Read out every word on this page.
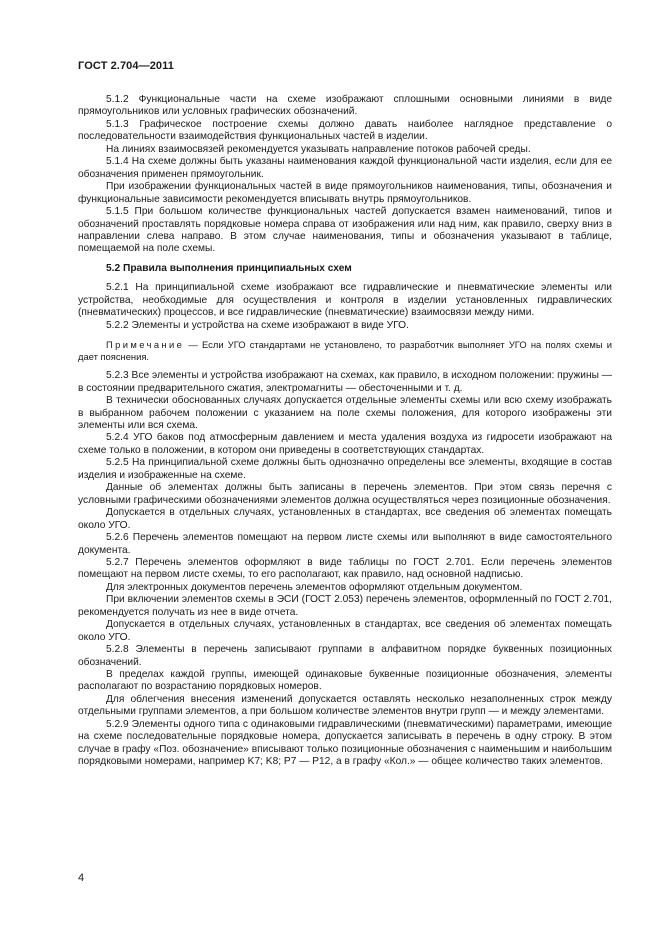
ГОСТ 2.704—2011

5.1.2 Функциональные части на схеме изображают сплошными основными линиями в виде прямоугольников или условных графических обозначений.

5.1.3 Графическое построение схемы должно давать наиболее наглядное представление о последовательности взаимодействия функциональных частей в изделии.

На линиях взаимосвязей рекомендуется указывать направление потоков рабочей среды.

5.1.4 На схеме должны быть указаны наименования каждой функциональной части изделия, если для ее обозначения применен прямоугольник.

При изображении функциональных частей в виде прямоугольников наименования, типы, обозначения и функциональные зависимости рекомендуется вписывать внутрь прямоугольников.

5.1.5 При большом количестве функциональных частей допускается взамен наименований, типов и обозначений проставлять порядковые номера справа от изображения или над ним, как правило, сверху вниз в направлении слева направо. В этом случае наименования, типы и обозначения указывают в таблице, помещаемой на поле схемы.

5.2 Правила выполнения принципиальных схем

5.2.1 На принципиальной схеме изображают все гидравлические и пневматические элементы или устройства, необходимые для осуществления и контроля в изделии установленных гидравлических (пневматических) процессов, и все гидравлические (пневматические) взаимосвязи между ними.

5.2.2 Элементы и устройства на схеме изображают в виде УГО.

Примечание — Если УГО стандартами не установлено, то разработчик выполняет УГО на полях схемы и дает пояснения.

5.2.3 Все элементы и устройства изображают на схемах, как правило, в исходном положении: пружины — в состоянии предварительного сжатия, электромагниты — обесточенными и т. д.

В технически обоснованных случаях допускается отдельные элементы схемы или всю схему изображать в выбранном рабочем положении с указанием на поле схемы положения, для которого изображены эти элементы или вся схема.

5.2.4 УГО баков под атмосферным давлением и места удаления воздуха из гидросети изображают на схеме только в положении, в котором они приведены в соответствующих стандартах.

5.2.5 На принципиальной схеме должны быть однозначно определены все элементы, входящие в состав изделия и изображенные на схеме.

Данные об элементах должны быть записаны в перечень элементов. При этом связь перечня с условными графическими обозначениями элементов должна осуществляться через позиционные обозначения.

Допускается в отдельных случаях, установленных в стандартах, все сведения об элементах помещать около УГО.

5.2.6 Перечень элементов помещают на первом листе схемы или выполняют в виде самостоятельного документа.

5.2.7 Перечень элементов оформляют в виде таблицы по ГОСТ 2.701. Если перечень элементов помещают на первом листе схемы, то его располагают, как правило, над основной надписью.

Для электронных документов перечень элементов оформляют отдельным документом.

При включении элементов схемы в ЭСИ (ГОСТ 2.053) перечень элементов, оформленный по ГОСТ 2.701, рекомендуется получать из нее в виде отчета.

Допускается в отдельных случаях, установленных в стандартах, все сведения об элементах помещать около УГО.

5.2.8 Элементы в перечень записывают группами в алфавитном порядке буквенных позиционных обозначений.

В пределах каждой группы, имеющей одинаковые буквенные позиционные обозначения, элементы располагают по возрастанию порядковых номеров.

Для облегчения внесения изменений допускается оставлять несколько незаполненных строк между отдельными группами элементов, а при большом количестве элементов внутри групп — и между элементами.

5.2.9 Элементы одного типа с одинаковыми гидравлическими (пневматическими) параметрами, имеющие на схеме последовательные порядковые номера, допускается записывать в перечень в одну строку. В этом случае в графу «Поз. обозначение» вписывают только позиционные обозначения с наименьшим и наибольшим порядковыми номерами, например K7; K8; P7 — P12, а в графу «Кол.» — общее количество таких элементов.

4
